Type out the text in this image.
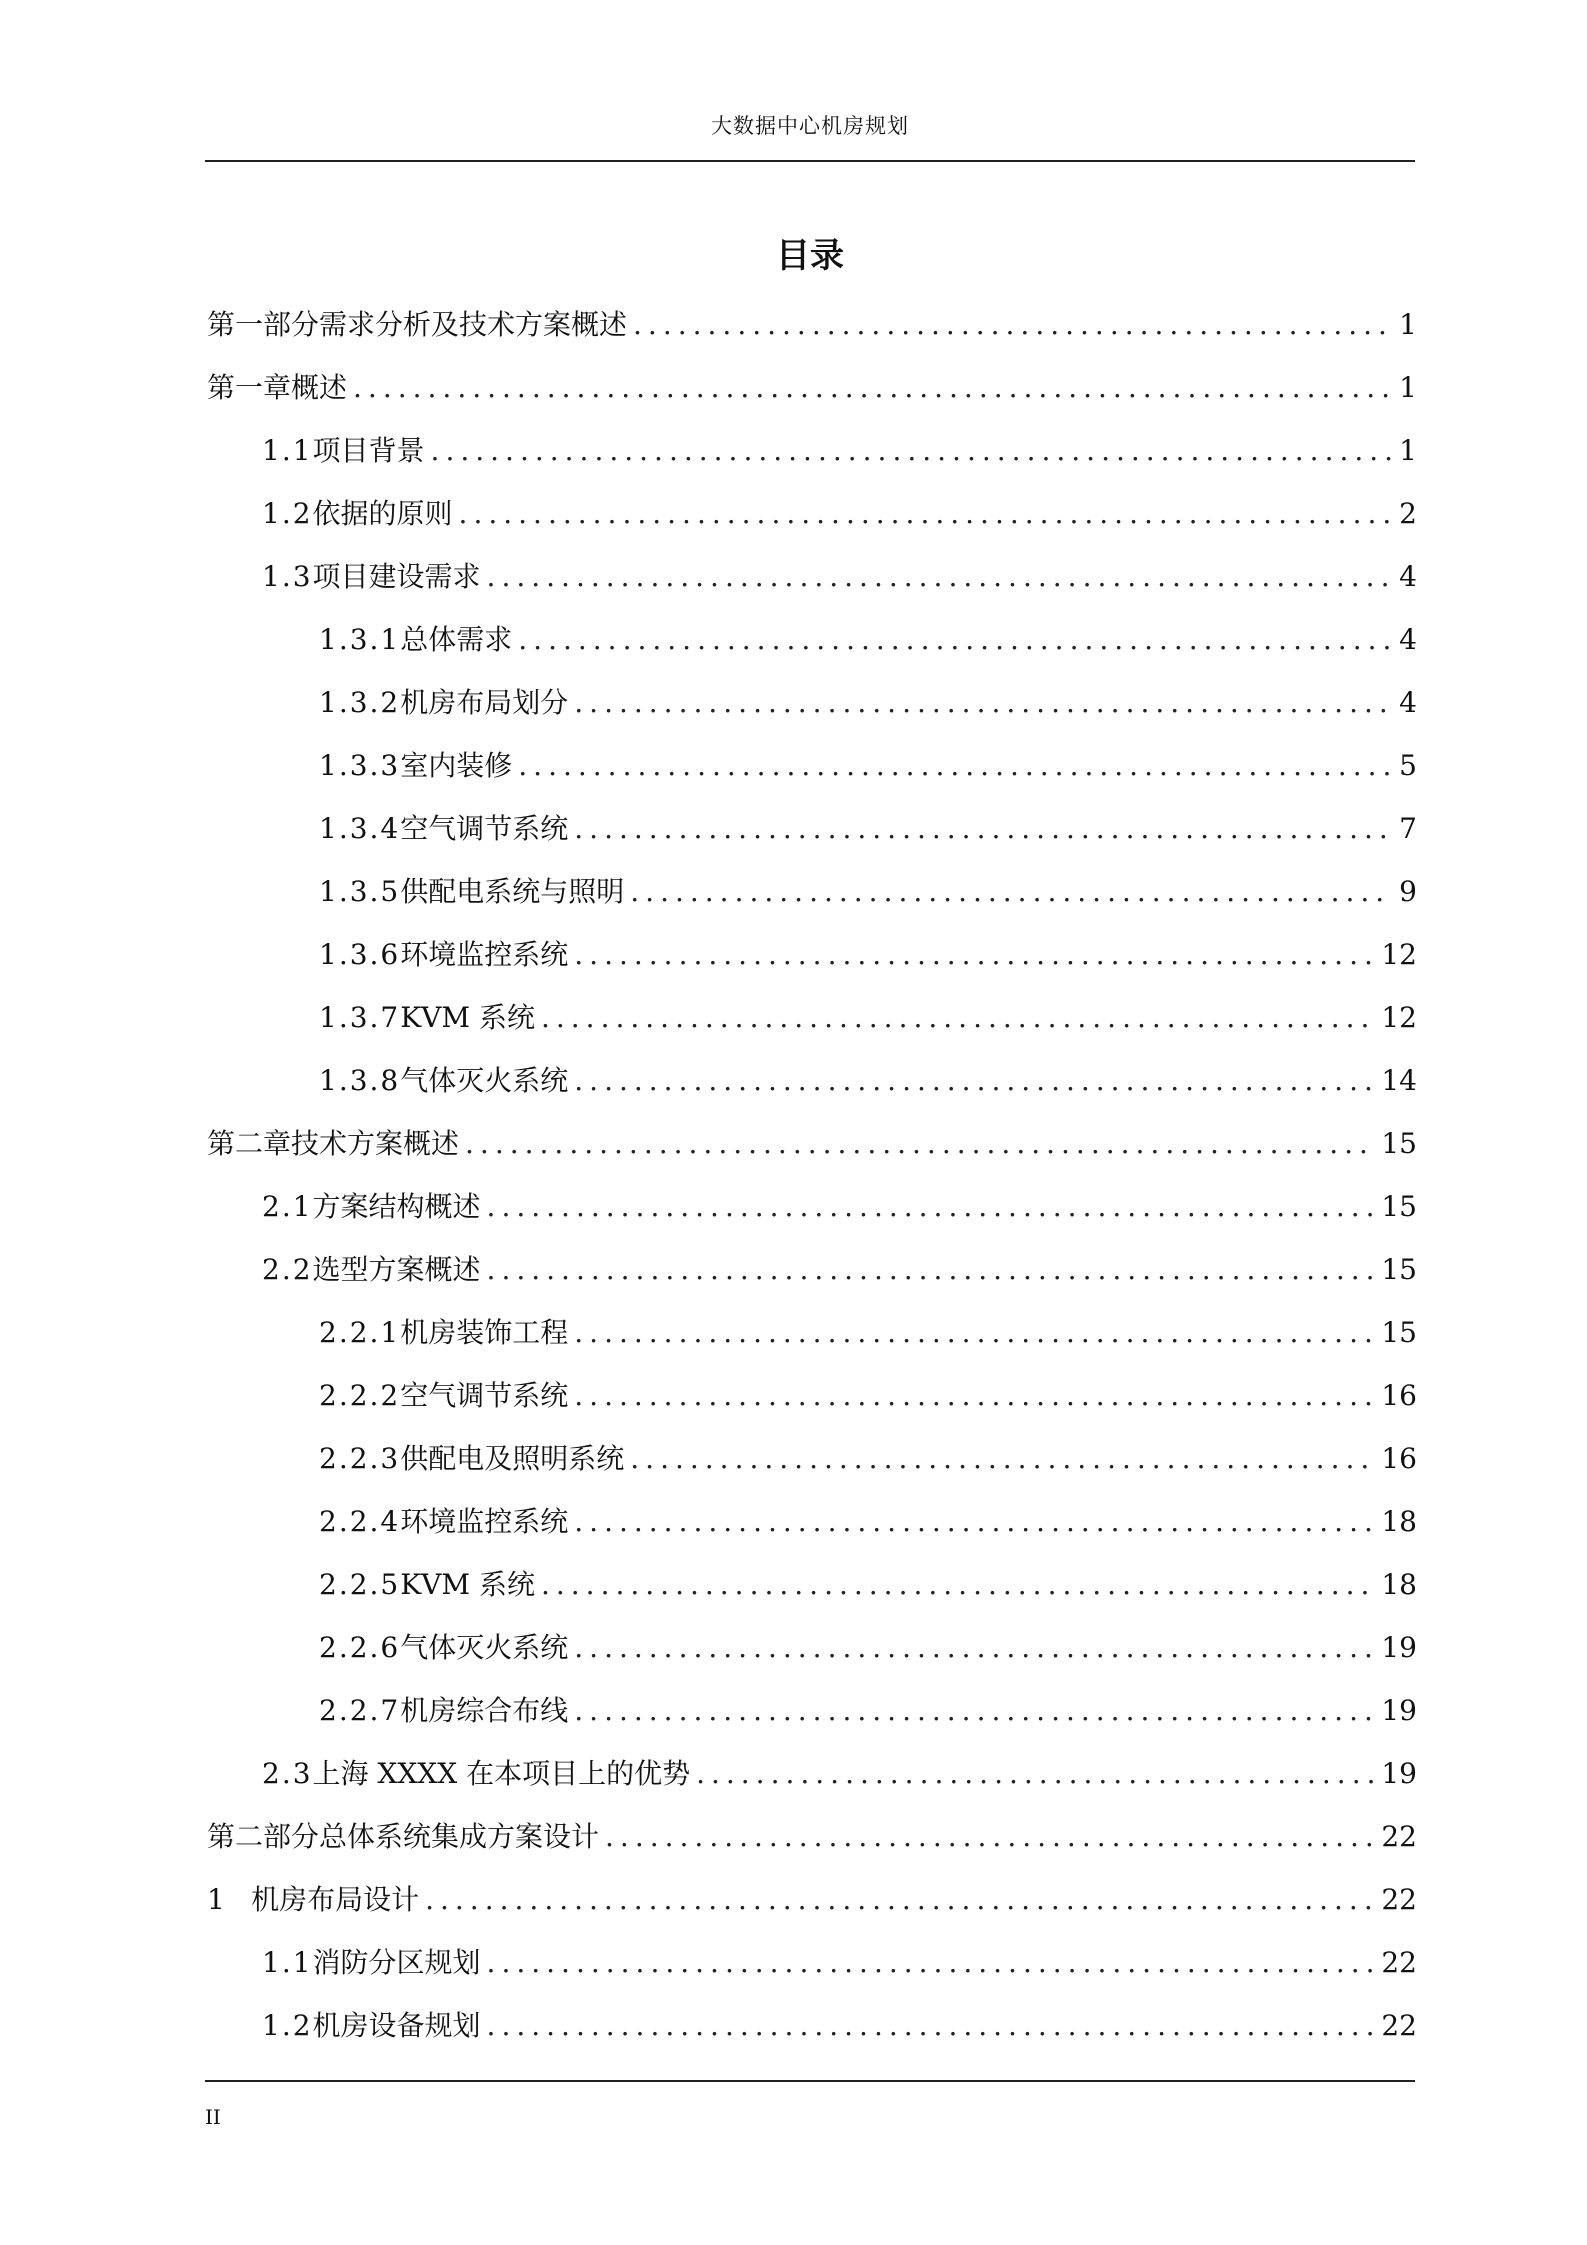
大数据中心机房规划
目录
第一部分需求分析及技术方案概述 .....	1
第一章概述 .....	1
1.1 项目背景 .....	1
1.2 依据的原则 .....	2
1.3 项目建设需求 .....	4
1.3.1 总体需求 .....	4
1.3.2 机房布局划分 .....	4
1.3.3 室内装修 .....	5
1.3.4 空气调节系统 .....	7
1.3.5 供配电系统与照明 .....	9
1.3.6 环境监控系统 .....	12
1.3.7 KVM 系统 .....	12
1.3.8 气体灭火系统 .....	14
第二章技术方案概述 .....	15
2.1 方案结构概述 .....	15
2.2 选型方案概述 .....	15
2.2.1 机房装饰工程 .....	15
2.2.2 空气调节系统 .....	16
2.2.3 供配电及照明系统 .....	16
2.2.4 环境监控系统 .....	18
2.2.5 KVM 系统 .....	18
2.2.6 气体灭火系统 .....	19
2.2.7 机房综合布线 .....	19
2.3 上海 XXXX 在本项目上的优势 .....	19
第二部分总体系统集成方案设计 .....	22
1 机房布局设计 .....	22
1.1 消防分区规划 .....	22
1.2 机房设备规划 .....	22
II
